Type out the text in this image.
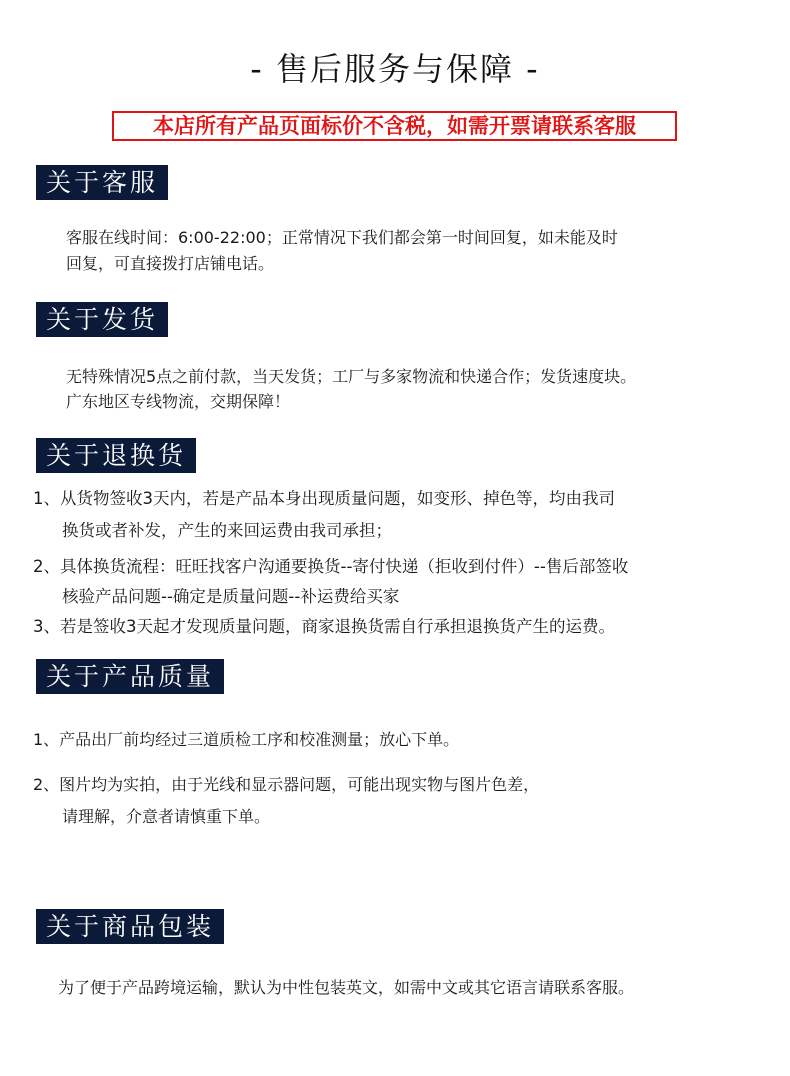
- 售后服务与保障 -
本店所有产品页面标价不含税，如需开票请联系客服
关于客服
客服在线时间：6:00-22:00；正常情况下我们都会第一时间回复，如未能及时
回复，可直接拨打店铺电话。
关于发货
无特殊情况5点之前付款，当天发货；工厂与多家物流和快递合作；发货速度块。
广东地区专线物流，交期保障！
关于退换货
1、从货物签收3天内，若是产品本身出现质量问题，如变形、掉色等，均由我司
换货或者补发，产生的来回运费由我司承担；
2、具体换货流程：旺旺找客户沟通要换货--寄付快递（拒收到付件）--售后部签收
核验产品问题--确定是质量问题--补运费给买家
3、若是签收3天起才发现质量问题，商家退换货需自行承担退换货产生的运费。
关于产品质量
1、产品出厂前均经过三道质检工序和校准测量；放心下单。
2、图片均为实拍，由于光线和显示器问题，可能出现实物与图片色差，
请理解，介意者请慎重下单。
关于商品包装
为了便于产品跨境运输，默认为中性包装英文，如需中文或其它语言请联系客服。
